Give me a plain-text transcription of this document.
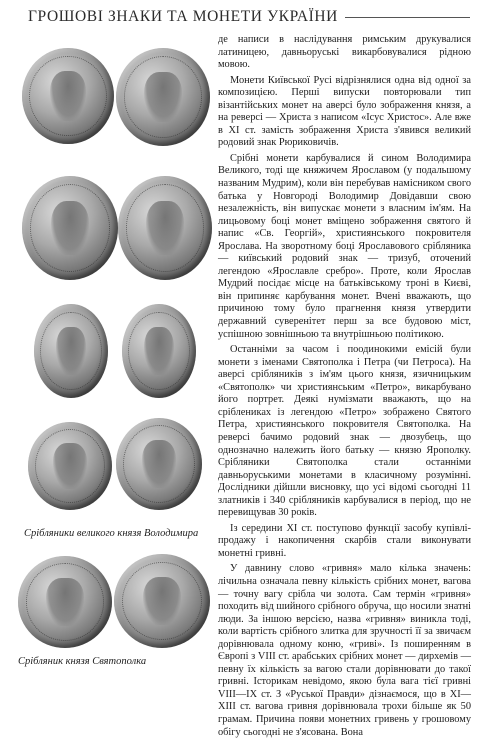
ГРОШОВІ ЗНАКИ ТА МОНЕТИ УКРАЇНИ
Срібляники великого князя Володимира
Срібляник князя Святополка

де написи в наслідування римським друкувалися латиницею, давньоруські викарбовувалися рідною мовою.

Монети Київської Русі відрізнялися одна від одної за композицією. Перші випуски повторювали тип візантійських монет на аверсі було зображення князя, а на реверсі — Христа з написом «Ісус Христос». Але вже в XI ст. замість зображення Христа з'явився великий родовий знак Рюриковичів.

Срібні монети карбувалися й сином Володимира Великого, тоді ще княжичем Ярославом (у подальшому названим Мудрим), коли він перебував намісником свого батька у Новгороді Володимир Довідавши свою незалежність, він випускає монети з власним ім'ям. На лицьовому боці монет вміщено зображення святого й напис «Св. Георгій», християнського покровителя Ярослава. На зворотному боці Ярославового срібляника — київський родовий знак — тризуб, оточений легендою «Ярославле сребро». Проте, коли Ярослав Мудрий посідає місце на батьківському троні в Києві, він припиняє карбування монет. Вчені вважають, що причиною тому було прагнення князя утвердити державний суверенітет перш за все будовою міст, успішною зовнішньою та внутрішньою політикою.

Останніми за часом і поодинокими емісій були монети з іменами Святополка і Петра (чи Петроса). На аверсі срібляників з ім'ям цього князя, язичницьким «Святополк» чи християнським «Петро», викарбувано його портрет. Деякі нумізмати вважають, що на сріблениках із легендою «Петро» зображено Святого Петра, християнського покровителя Святополка. На реверсі бачимо родовий знак — двозубець, що однозначно належить його батьку — князю Ярополку. Срібляники Святополка стали останніми давньоруськими монетами в класичному розумінні. Дослідники дійшли висновку, що усі відомі сьогодні 11 златників і 340 срібляників карбувалися в період, що не перевищував 30 років.

Із середини XI ст. поступово функції засобу купівлі-продажу і накопичення скарбів стали виконувати монетні гривні.

У давнину слово «гривня» мало кілька значень: лічильна означала певну кількість срібних монет, вагова — точну вагу срібла чи золота. Сам термін «гривня» походить від шийного срібного обруча, що носили знатні люди. За іншою версією, назва «гривня» виникла тоді, коли вартість срібного злитка для зручності її за звичаєм дорівнювала одному коню, «гриві». Із поширенням в Європі з VIII ст. арабських срібних монет — дирхемів — певну їх кількість за вагою стали дорівнювати до такої гривні. Історикам невідомо, якою була вага тієї гривні VIII—IX ст. З «Руської Правди» дізнаємося, що в XI—XIII ст. вагова гривня дорівнювала трохи більше як 50 грамам. Причина появи монетних гривень у грошовому обігу сьогодні не з'ясована. Вона
